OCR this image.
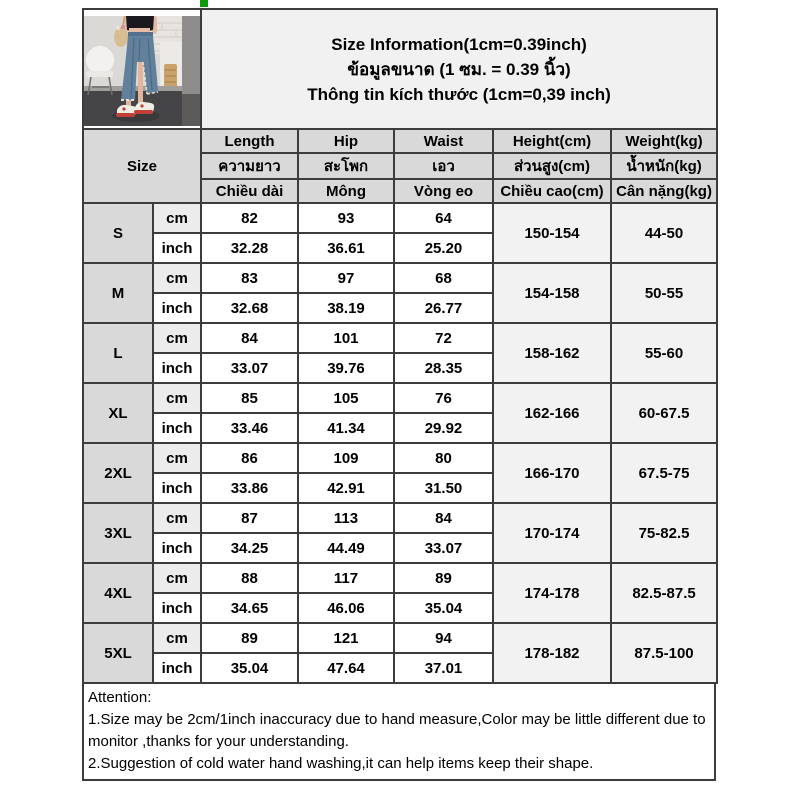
Size Information(1cm=0.39inch)
ข้อมูลขนาด (1 ซม. = 0.39 นิ้ว)
Thông tin kích thước (1cm=0,39 inch)				

Size		Length	Hip	Waist	Height(cm)	Weight(kg)
		ความยาว	สะโพก	เอว	ส่วนสูง(cm)	น้ำหนัก(kg)
		Chiều dài	Mông	Vòng eo	Chiều cao(cm)	Cân nặng(kg)
S	cm	82	93	64	150-154	44-50
	inch	32.28	36.61	25.20		
M	cm	83	97	68	154-158	50-55
	inch	32.68	38.19	26.77		
L	cm	84	101	72	158-162	55-60
	inch	33.07	39.76	28.35		
XL	cm	85	105	76	162-166	60-67.5
	inch	33.46	41.34	29.92		
2XL	cm	86	109	80	166-170	67.5-75
	inch	33.86	42.91	31.50		
3XL	cm	87	113	84	170-174	75-82.5
	inch	34.25	44.49	33.07		
4XL	cm	88	117	89	174-178	82.5-87.5
	inch	34.65	46.06	35.04		
5XL	cm	89	121	94	178-182	87.5-100
	inch	35.04	47.64	37.01		
Attention:
1.Size may be 2cm/1inch inaccuracy due to hand measure,Color may be little different due to monitor ,thanks for your understanding.
2.Suggestion of cold water hand washing,it can help items keep their shape.
